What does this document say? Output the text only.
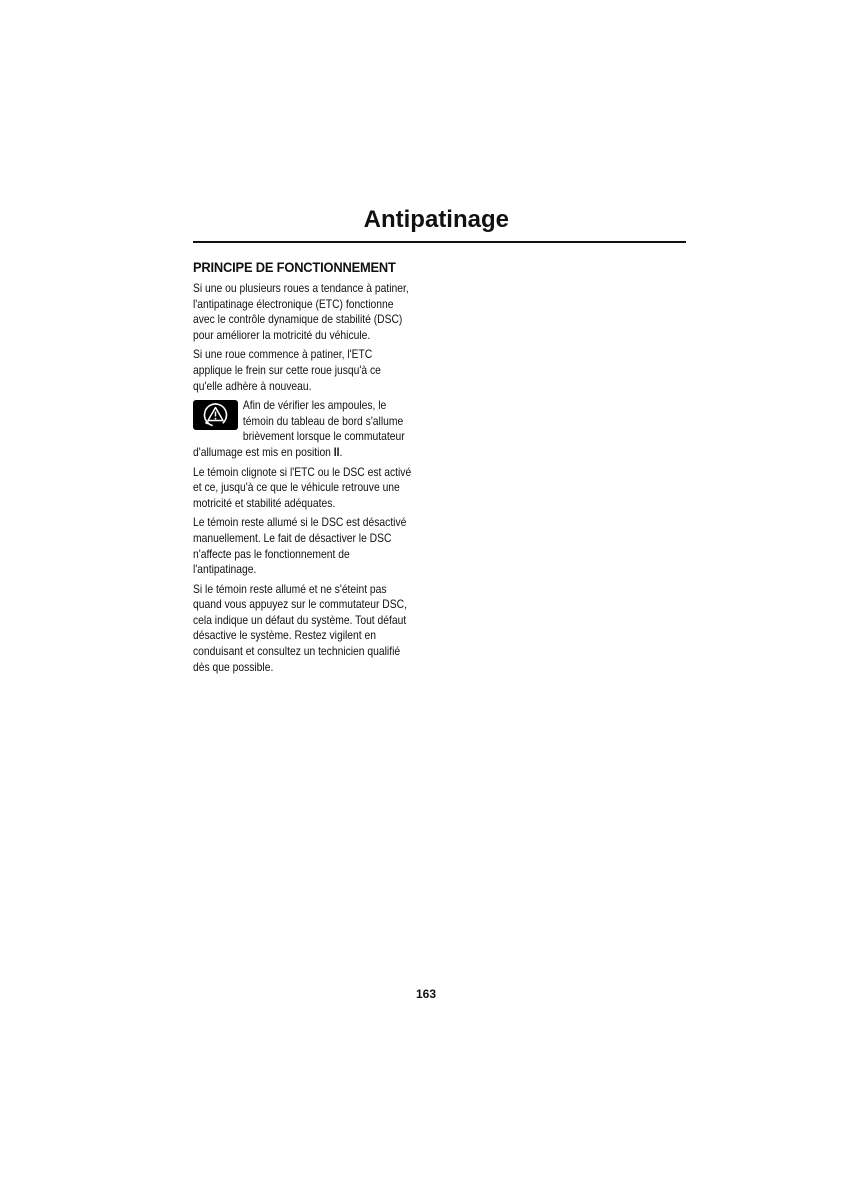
Antipatinage
PRINCIPE DE FONCTIONNEMENT
Si une ou plusieurs roues a tendance à patiner,
l'antipatinage électronique (ETC) fonctionne
avec le contrôle dynamique de stabilité (DSC)
pour améliorer la motricité du véhicule.
Si une roue commence à patiner, l'ETC
applique le frein sur cette roue jusqu'à ce
qu'elle adhère à nouveau.
Afin de vérifier les ampoules, le
témoin du tableau de bord s'allume
brièvement lorsque le commutateur
d'allumage est mis en position II.
Le témoin clignote si l'ETC ou le DSC est activé
et ce, jusqu'à ce que le véhicule retrouve une
motricité et stabilité adéquates.
Le témoin reste allumé si le DSC est désactivé
manuellement. Le fait de désactiver le DSC
n'affecte pas le fonctionnement de
l'antipatinage.
Si le témoin reste allumé et ne s'éteint pas
quand vous appuyez sur le commutateur DSC,
cela indique un défaut du système. Tout défaut
désactive le système. Restez vigilent en
conduisant et consultez un technicien qualifié
dès que possible.
163
